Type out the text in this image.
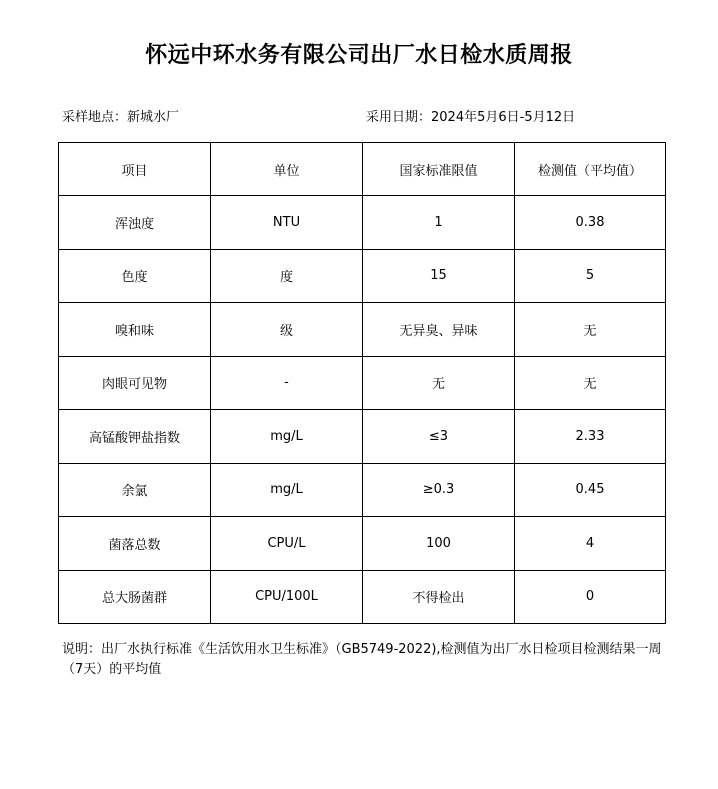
怀远中环水务有限公司出厂水日检水质周报
采样地点：新城水厂	采用日期：2024年5月6日-5月12日
项目	单位	国家标准限值	检测值（平均值）
浑浊度	NTU	1	0.38
色度	度	15	5
嗅和味	级	无异臭、异味	无
肉眼可见物	-	无	无
高锰酸钾盐指数	mg/L	≤3	2.33
余氯	mg/L	≥0.3	0.45
菌落总数	CPU/L	100	4
总大肠菌群	CPU/100L	不得检出	0
说明：出厂水执行标准《生活饮用水卫生标准》（GB5749-2022),检测值为出厂水日检项目检测结果一周（7天）的平均值
